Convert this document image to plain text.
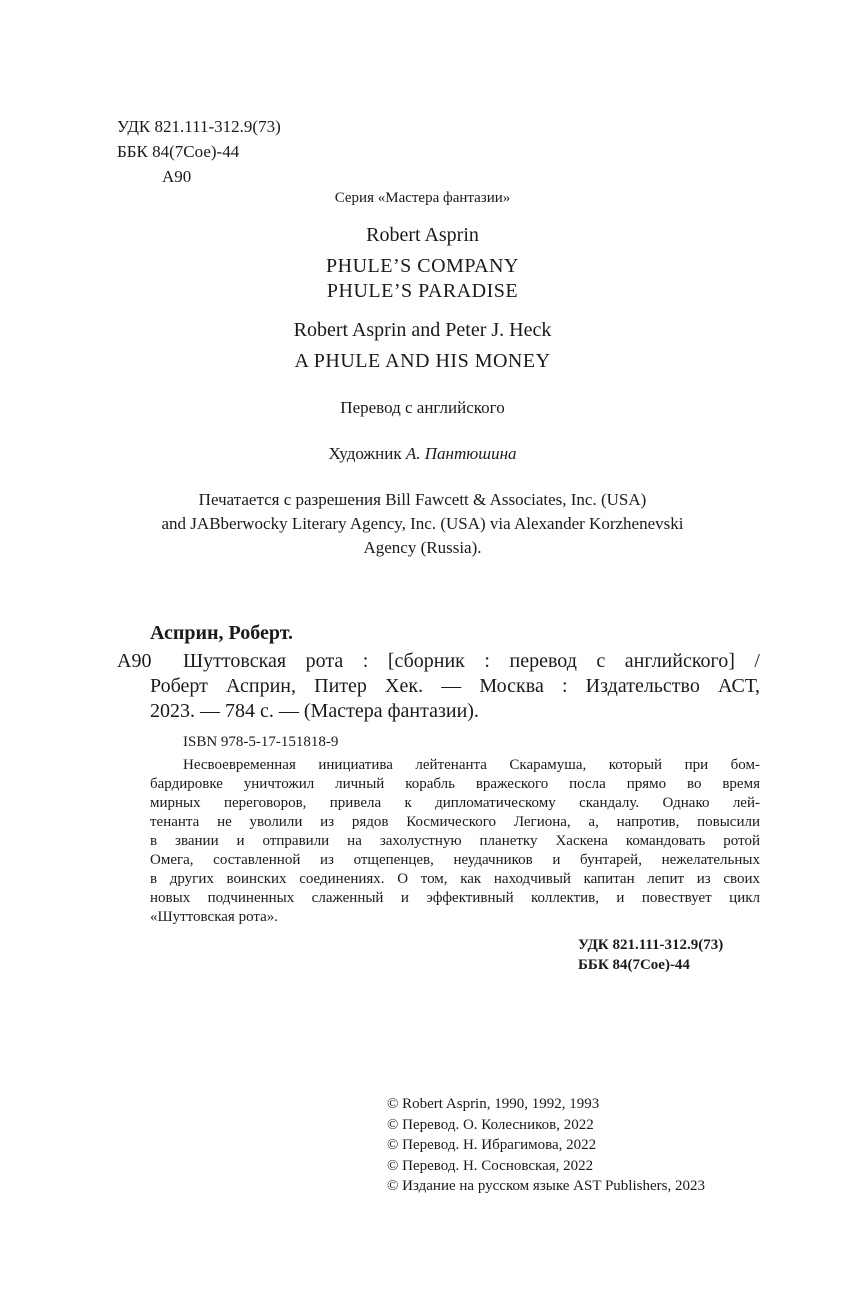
УДК 821.111-312.9(73)
ББК 84(7Сое)-44
А90
Серия «Мастера фантазии»
Robert Asprin
PHULE’S COMPANY
PHULE’S PARADISE
Robert Asprin and Peter J. Heck
A PHULE AND HIS MONEY
Перевод с английского
Художник А. Пантюшина
Печатается с разрешения Bill Fawcett & Associates, Inc. (USA)
and JABberwocky Literary Agency, Inc. (USA) via Alexander Korzhenevski
Agency (Russia).
Асприн, Роберт.
А90 Шуттовская рота : [сборник : перевод с английского] /
Роберт Асприн, Питер Хек. — Москва : Издательство АСТ,
2023. — 784 с. — (Мастера фантазии).
ISBN 978-5-17-151818-9
Несвоевременная инициатива лейтенанта Скарамуша, который при бом-
бардировке уничтожил личный корабль вражеского посла прямо во время
мирных переговоров, привела к дипломатическому скандалу. Однако лей-
тенанта не уволили из рядов Космического Легиона, а, напротив, повысили
в звании и отправили на захолустную планетку Хаскена командовать ротой
Омега, составленной из отщепенцев, неудачников и бунтарей, нежелательных
в других воинских соединениях. О том, как находчивый капитан лепит из своих
новых подчиненных слаженный и эффективный коллектив, и повествует цикл
«Шуттовская рота».
УДК 821.111-312.9(73)
ББК 84(7Сое)-44
© Robert Asprin, 1990, 1992, 1993
© Перевод. О. Колесников, 2022
© Перевод. Н. Ибрагимова, 2022
© Перевод. Н. Сосновская, 2022
© Издание на русском языке AST Publishers, 2023
